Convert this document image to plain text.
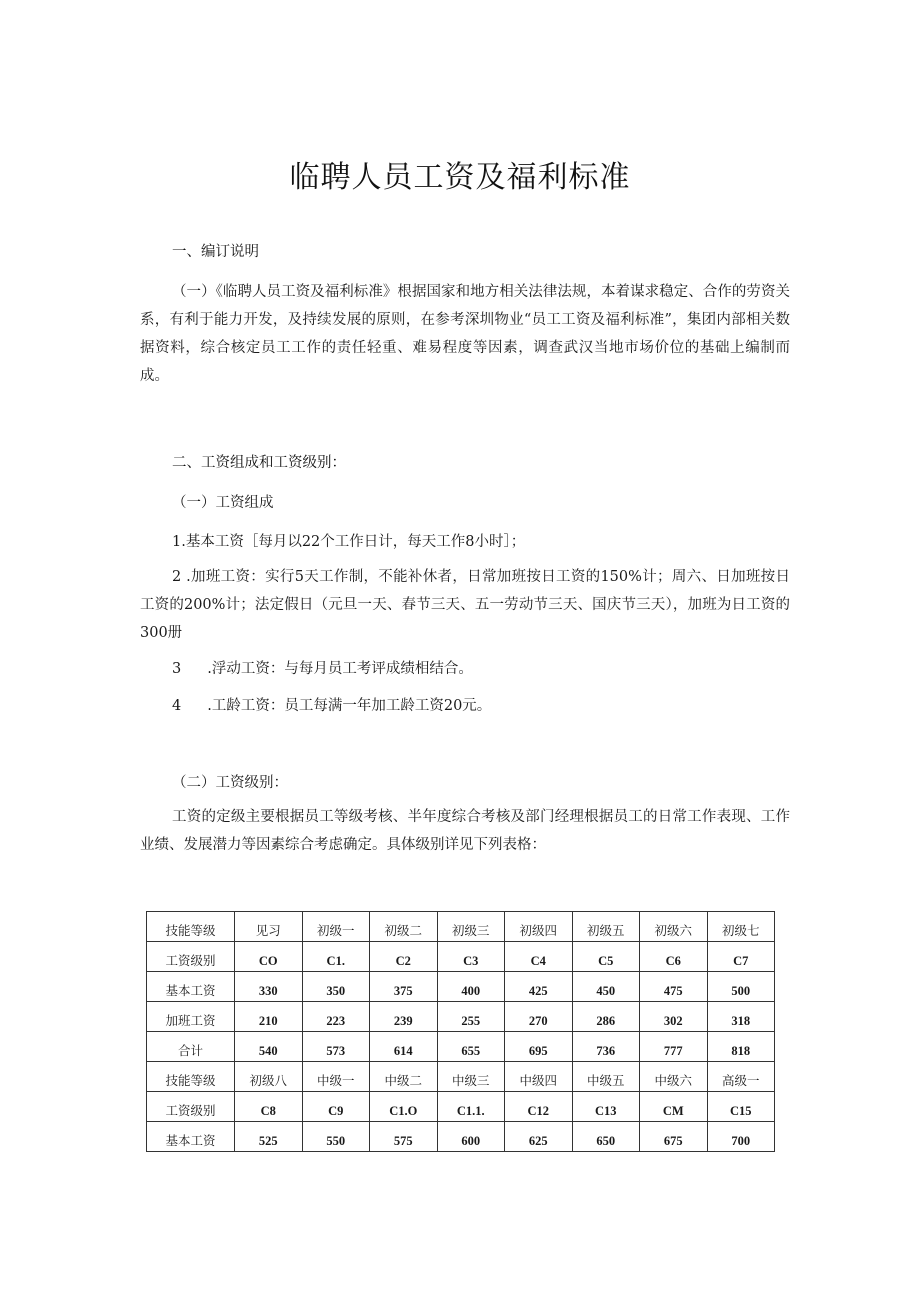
临聘人员工资及福利标准
一、编订说明

（一）《临聘人员工资及福利标准》根据国家和地方相关法律法规，本着谋求稳定、合作的劳资关系，有利于能力开发，及持续发展的原则，在参考深圳物业“员工工资及福利标准”，集团内部相关数据资料，综合核定员工工作的责任轻重、难易程度等因素，调查武汉当地市场价位的基础上编制而成。

二、工资组成和工资级别：
（一）工资组成
1.基本工资［每月以22个工作日计，每天工作8小时］；

2 .加班工资：实行5天工作制，不能补休者，日常加班按日工资的150%计；周六、日加班按日工资的200%计；法定假日（元旦一天、春节三天、五一劳动节三天、国庆节三天），加班为日工资的300册

3 .浮动工资：与每月员工考评成绩相结合。
4 .工龄工资：员工每满一年加工龄工资20元。
（二）工资级别：

工资的定级主要根据员工等级考核、半年度综合考核及部门经理根据员工的日常工作表现、工作业绩、发展潜力等因素综合考虑确定。具体级别详见下列表格：

技能等级	见习	初级一	初级二	初级三	初级四	初级五	初级六	初级七
工资级别	CO	C1.	C2	C3	C4	C5	C6	C7
基本工资	330	350	375	400	425	450	475	500
加班工资	210	223	239	255	270	286	302	318
合计	540	573	614	655	695	736	777	818
技能等级	初级八	中级一	中级二	中级三	中级四	中级五	中级六	高级一
工资级别	C8	C9	C1.O	C1.1.	C12	C13	CM	C15
基本工资	525	550	575	600	625	650	675	700
